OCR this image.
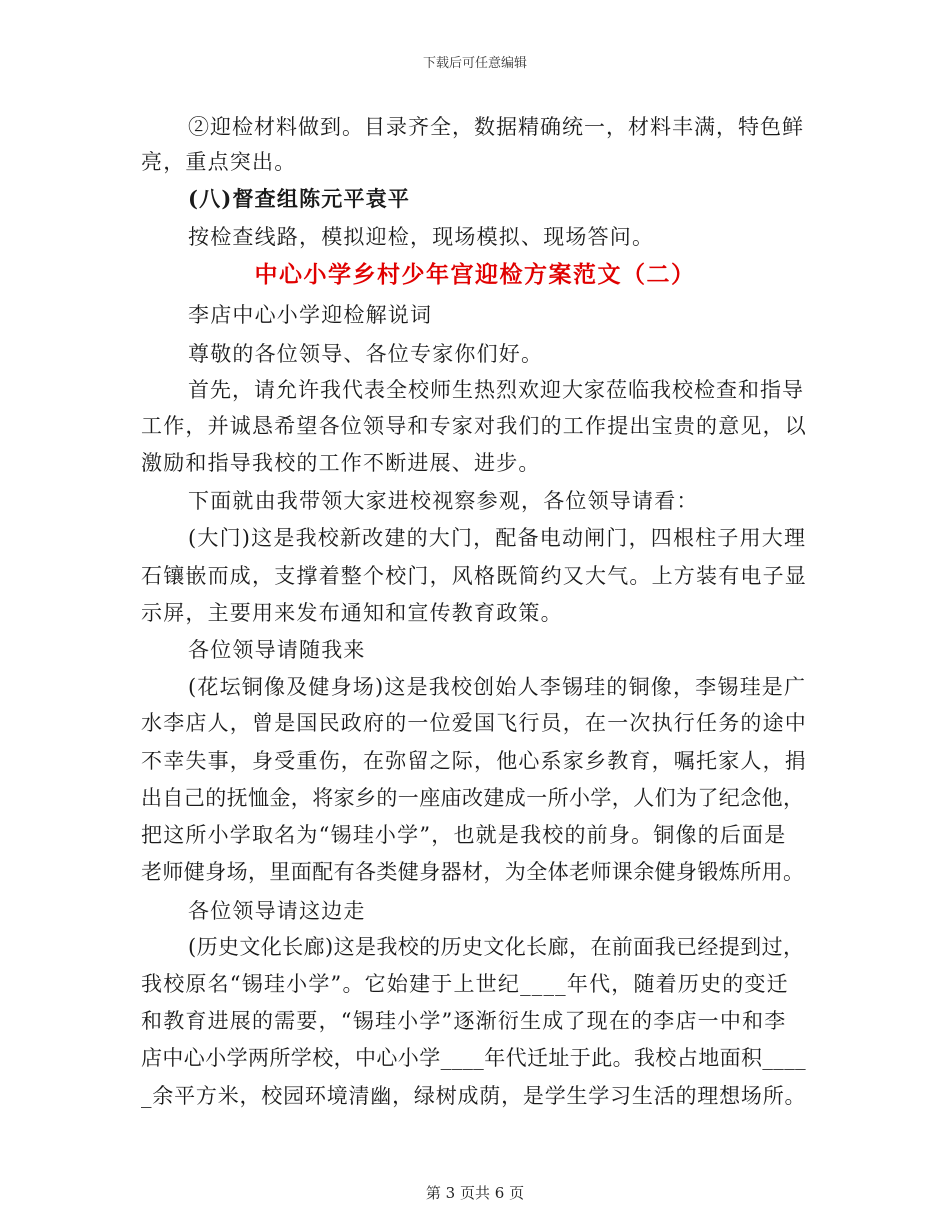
下载后可任意编辑
②迎检材料做到。目录齐全，数据精确统一，材料丰满，特色鲜
亮，重点突出。
(八)督查组陈元平袁平
按检查线路，模拟迎检，现场模拟、现场答问。
中心小学乡村少年宫迎检方案范文（二）
李店中心小学迎检解说词
尊敬的各位领导、各位专家你们好。
首先，请允许我代表全校师生热烈欢迎大家莅临我校检查和指导
工作，并诚恳希望各位领导和专家对我们的工作提出宝贵的意见，以
激励和指导我校的工作不断进展、进步。
下面就由我带领大家进校视察参观，各位领导请看：
(大门)这是我校新改建的大门，配备电动闸门，四根柱子用大理
石镶嵌而成，支撑着整个校门，风格既简约又大气。上方装有电子显
示屏，主要用来发布通知和宣传教育政策。
各位领导请随我来
(花坛铜像及健身场)这是我校创始人李锡珪的铜像，李锡珪是广
水李店人，曾是国民政府的一位爱国飞行员，在一次执行任务的途中
不幸失事，身受重伤，在弥留之际，他心系家乡教育，嘱托家人，捐
出自己的抚恤金，将家乡的一座庙改建成一所小学，人们为了纪念他，
把这所小学取名为“锡珪小学”，也就是我校的前身。铜像的后面是
老师健身场，里面配有各类健身器材，为全体老师课余健身锻炼所用。
各位领导请这边走
(历史文化长廊)这是我校的历史文化长廊，在前面我已经提到过，
我校原名“锡珪小学”。它始建于上世纪____年代，随着历史的变迁
和教育进展的需要，“锡珪小学”逐渐衍生成了现在的李店一中和李
店中心小学两所学校，中心小学____年代迁址于此。我校占地面积____
_余平方米，校园环境清幽，绿树成荫，是学生学习生活的理想场所。
第 3 页共 6 页
